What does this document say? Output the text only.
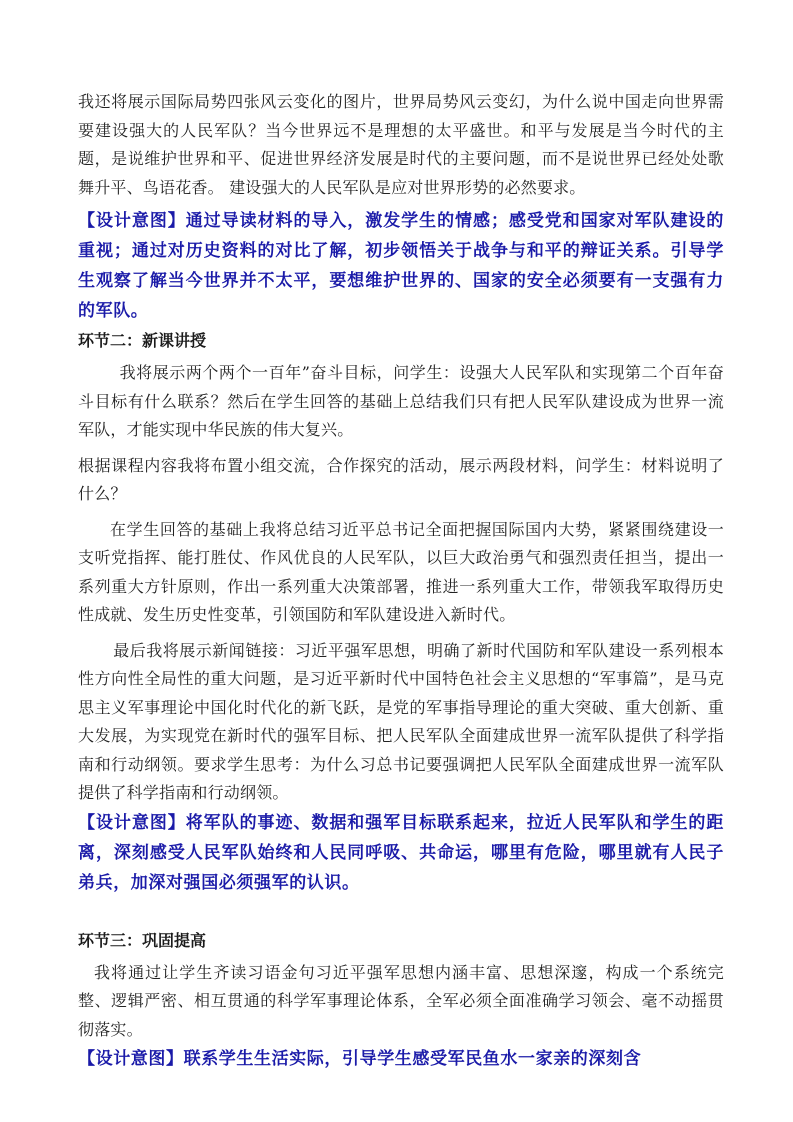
我还将展示国际局势四张风云变化的图片，世界局势风云变幻，为什么说中国走向世界需要建设强大的人民军队？当今世界远不是理想的太平盛世。和平与发展是当今时代的主题，是说维护世界和平、促进世界经济发展是时代的主要问题，而不是说世界已经处处歌舞升平、鸟语花香。 建设强大的人民军队是应对世界形势的必然要求。

【设计意图】通过导读材料的导入，激发学生的情感；感受党和国家对军队建设的重视；通过对历史资料的对比了解，初步领悟关于战争与和平的辩证关系。引导学生观察了解当今世界并不太平，要想维护世界的、国家的安全必须要有一支强有力的军队。

环节二：新课讲授

我将展示两个两个一百年”奋斗目标，问学生：设强大人民军队和实现第二个百年奋斗目标有什么联系？然后在学生回答的基础上总结我们只有把人民军队建设成为世界一流军队，才能实现中华民族的伟大复兴。

根据课程内容我将布置小组交流，合作探究的活动，展示两段材料，问学生：材料说明了什么？

在学生回答的基础上我将总结习近平总书记全面把握国际国内大势，紧紧围绕建设一支听党指挥、能打胜仗、作风优良的人民军队，以巨大政治勇气和强烈责任担当，提出一系列重大方针原则，作出一系列重大决策部署，推进一系列重大工作，带领我军取得历史性成就、发生历史性变革，引领国防和军队建设进入新时代。

最后我将展示新闻链接：习近平强军思想，明确了新时代国防和军队建设一系列根本性方向性全局性的重大问题，是习近平新时代中国特色社会主义思想的“军事篇”，是马克思主义军事理论中国化时代化的新飞跃，是党的军事指导理论的重大突破、重大创新、重大发展，为实现党在新时代的强军目标、把人民军队全面建成世界一流军队提供了科学指南和行动纲领。要求学生思考：为什么习总书记要强调把人民军队全面建成世界一流军队提供了科学指南和行动纲领。

【设计意图】将军队的事迹、数据和强军目标联系起来，拉近人民军队和学生的距离，深刻感受人民军队始终和人民同呼吸、共命运，哪里有危险，哪里就有人民子弟兵，加深对强国必须强军的认识。

环节三：巩固提高

我将通过让学生齐读习语金句习近平强军思想内涵丰富、思想深邃，构成一个系统完整、逻辑严密、相互贯通的科学军事理论体系，全军必须全面准确学习领会、毫不动摇贯彻落实。

【设计意图】联系学生生活实际，引导学生感受军民鱼水一家亲的深刻含
